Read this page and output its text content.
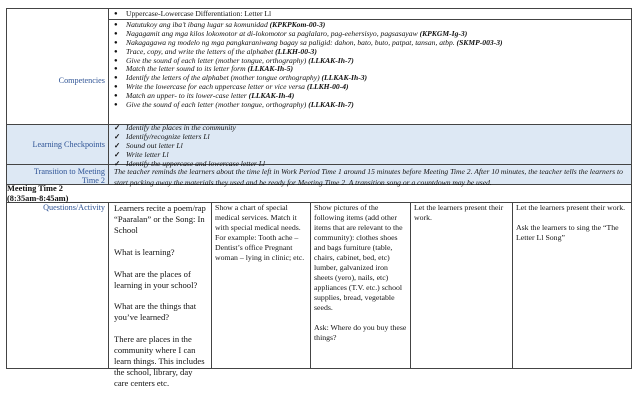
Competencies
● Uppercase-Lowercase Differentiation: Letter Ll
● Natutukoy ang iba’t ibang lugar sa komunidad (KPKPKom-00-3)
● Nagagamit ang mga kilos lokomotor at di-lokomotor sa paglalaro, pag-eehersisyo, pagsasayaw (KPKGM-Ig-3)
● Nakagagawa ng modelo ng mga pangkaraniwang bagay sa paligid: dahon, bato, buto, patpat, tansan, atbp. (SKMP-003-3)
● Trace, copy, and write the letters of the alphabet (LLKH-00-3)
● Give the sound of each letter (mother tongue, orthography) (LLKAK-Ih-7)
● Match the letter sound to its letter form (LLKAK-Ih-5)
● Identify the letters of the alphabet (mother tongue orthography) (LLKAK-Ih-3)
● Write the lowercase for each uppercase letter or vice versa (LLKH-00-4)
● Match an upper- to its lower-case letter (LLKAK-Ih-4)
● Give the sound of each letter (mother tongue, orthography) (LLKAK-Ih-7)
Learning Checkpoints
✓ Identify the places in the community
✓ Identify/recognize letters Ll
✓ Sound out letter Ll
✓ Write letter Ll
✓ Identify the uppercase and lowercase letter Ll
Transition to Meeting
Time 2
The teacher reminds the learners about the time left in Work Period Time 1 around 15 minutes before Meeting Time 2. After 10 minutes, the teacher tells the learners to start packing away the materials they used and be ready for Meeting Time 2. A transition song or a countdown may be used.
Meeting Time 2
(8:35am-8:45am)
Questions/Activity Learners recite a poem/rap “Paaralan” or the Song: In School

What is learning?

What are the places of learning in your school?

What are the things that you’ve learned?

There are places in the community where I can learn things. This includes the school, library, day care centers etc.

Show a chart of special medical services. Match it with special medical needs. For example: Tooth ache – Dentist’s office Pregnant woman – lying in clinic; etc.

Show pictures of the following items (add other items that are relevant to the community): clothes shoes and bags furniture (table, chairs, cabinet, bed, etc) lumber, galvanized iron sheets (yero), nails, etc) appliances (T.V. etc.) school supplies, bread, vegetable seeds.

Ask: Where do you buy these things?

Let the learners present their work.

Let the learners present their work.

Ask the learners to sing the “The Letter Ll Song”
